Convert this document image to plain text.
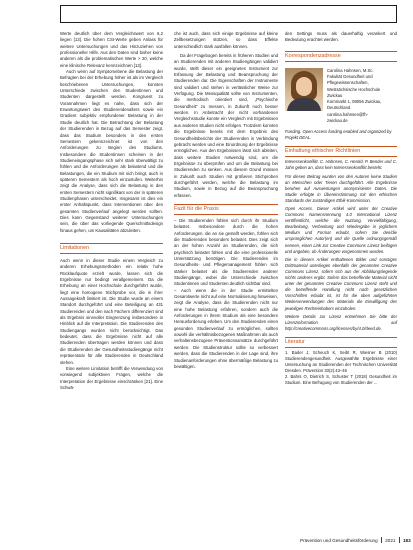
Werte deutlich über dem Vergleichswert von 6,2 liegen [13]. Die hohen CSI-Werte geben Anlass für weitere Untersuchungen und das Hinzuziehen von professioneller Hilfe. Aus den Daten sind bisher keine anderen als die problematischen Werte > 20, welche eine klinische Relevanz kennzeichnen [13].

Auch wenn auf Symptomebene die Belastung der Befragten bei der Erhebung höher ist als im Vergleich beschriebenen Untersuchungen, konnten Unterschiede zwischen den Studentinnen und Studenten dargestellt werden. Kongruent zu Vorannahmen liegt es nahe, dass sich der Erwartungswert des Studierendenalters sowie ein Gradient subjektiv empfundener Belastung in der Studie deutlich hat. Die Betrachtung der Belastung der Studierenden in Bezug auf das Semester zeigt, dass das Studium besonders in den ersten Semestern gekennzeichnet ist von den Anforderungen zu Beginn des Studiums. Insbesondere die Studentinnen scheinen in der Studieneingangsphase sich sehr stark überwältigt zu fühlen und die Anforderungen als belastend und die Belastungen, die ein Studium mit sich bringt, auch in späteren Semestern als hoch einzustufen. Weiterhin zeigt die Analyse, dass sich die Belastung in den ersten Semestern nicht signifikant von der in späteren Studienphasen unterscheidet. Insgesamt ist dies ein erster Anhaltspunkt, dass Interventionen über den gesamten Studienverlauf angelegt werden sollten. Dies kann Gegenstand weiterer Untersuchungen sein, die über das vorliegende Querschnittsdesign hinaus gehen, um Kausalitäten abzuleiten.

Limitationen

Auch wenn in dieser Studie einem Vergleich zu anderen Erhebungsmethoden ein relativ hohe Rücklaufquote erzielt wurde, lassen sich die Ergebnisse nur bedingt verallgemeinern. Da die Erhebung an einer Hochschule durchgeführt wurde, liegt eine homogene Stichprobe vor, die in ihrer Aussagekraft limitiert ist. Die Studie wurde an einem Standort durchgeführt und eine Beteiligung an 431 Studierenden und den nach Fächern differenziert sind als Ergebnis sinnvoller Eingrenzung insbesondere in Hinblick auf die Interpretation. Die Studierenden des Studiengangs wurden nicht berücksichtigt. Das bedeutet, dass die Ergebnisse nicht auf alle Studierenden übertragen werden können und dass die Studierenden der Gesundheitsstudiengänge nicht repräsentativ für alle Studierenden in Deutschland stehen.

Eine weitere Limitation betrifft die Verwendung von vorwiegend subjektiven Fragen, welche die Interpretation der Ergebnisse einschränken [21]. Eine Schwä-

che ist auch, dass sich einige Ergebnisse auf kleine Zellbesetzungen stützen, so dass Effekte unterschiedlich stark ausfallen können.

Da der Fragebogen bereits in früheren Studien und an Studierenden mit anderen Studiengängen validiert wurde, stellt dieser ein geeignetes Instrument zur Erfassung der Belastung und Beanspruchung der Studierenden dar. Die Eigenschaften der Instrumente sind validiert und stehen in verlässlicher Weise zur Verfügung. Die Messqualität sollte von Instrumenten, die methodisch orientiert sind, „Psychische Gesundheit“ zu messen, in Zukunft noch besser werden. In Anbetracht der nicht vorhandenen Vergleichsstudie konnte ein Vergleich mit Ergebnissen aus anderen Studien nicht erfolgen. Trotzdem konnten die Ergebnisse bereits mit dem Ergebnis des Gesundheitsberichts der Studierenden in Verbindung gebracht werden und eine Einordnung der Ergebnisse ermöglichen. Aus den Ergebnissen lässt sich ableiten, dass weitere Studien notwendig sind, um die Ergebnisse zu überprüfen und um die Belastung bei Studierenden zu senken. Aus diesem Grund müssen in Zukunft auch Studien mit größeren Stichproben durchgeführt werden, welche die Belastung im Studium, sowie in Bezug auf die Beanspruchung erfassen.

Fazit für die Praxis

– Die Studierenden fühlen sich durch ihr Studium belastet. Insbesondere durch die hohen Anforderungen, die an sie gestellt werden, fühlen sich die Studierenden besonders belastet. Dies zeigt sich an der hohen Anzahl an Studierenden, die sich psychisch belastet fühlen und die eine professionelle Unterstützung benötigen. Die Studierenden im Gesundheits- und Pflegemanagement fühlen sich stärker belastet als die Studierenden anderer Studiengänge, wobei die Unterschiede zwischen Studentinnen und Studenten deutlich sichtbar sind.
– Auch wenn die in der Studie ermittelten Gesamtwerte nicht auf eine Normalisierung hinweisen, zeigt die Analyse, dass die Studierenden nicht nur eine hohe Belastung erfahren, sondern auch die Anforderungen in ihrem Studium als eine besondere Herausforderung erleben. Um den Studierenden einen gesunden Studienverlauf zu ermöglichen, sollten sowohl die verhältnisbezogenen Maßnahmen als auch verhaltensbezogene Präventionsansätze durchgeführt werden. Die Studienstruktur sollte so verbessert werden, dass die Studierenden in der Lage sind, ihre Studienanforderungen ohne übermäßige Belastung zu bewältigen.

den Settings muss als dauerhaftig verankert und Bedeutung erachtet werden.

Korrespondenzadresse
Carolina Hahnsen, M.Sc.
Fakultät Gesundheit und
Pflegewissenschaften,
Westsächsische Hochschule
Zwickau
Kornmarkt 1, 08056 Zwickau,
Deutschland
carolina.hahnsen@fh-
zwickau.de
Funding. Open Access funding enabled and organized by Projekt DEAL.
Einhaltung ethischer Richtlinien

Interessenkonflikt. C. Hahnsen, C. Herold, P. Bender und C. Jahn geben an, dass kein Interessenkonflikt besteht.

Für diesen Beitrag wurden von den Autoren keine Studien an Menschen oder Tieren durchgeführt. Alle Ergebnisse beruhen auf Auswertungen anonymisierter Daten. Die Studie erfolgte in Übereinstimmung mit den ethischen Standards der zuständigen Ethik-Kommission.

Open Access. Dieser Artikel wird unter der Creative Commons Namensnennung 4.0 International Lizenz veröffentlicht, welche die Nutzung, Vervielfältigung, Bearbeitung, Verbreitung und Wiedergabe in jeglichem Medium und Format erlaubt, sofern Sie den/die ursprünglichen Autor(en) und die Quelle ordnungsgemäß nennen, einen Link zur Creative Commons Lizenz beifügen und angeben, ob Änderungen vorgenommen wurden.

Die in diesem Artikel enthaltenen Bilder und sonstiges Drittmaterial unterliegen ebenfalls der genannten Creative Commons Lizenz, sofern sich aus der Abbildungslegende nichts anderes ergibt. Sofern das betreffende Material nicht unter der genannten Creative Commons Lizenz steht und die betreffende Handlung nicht nach gesetzlichen Vorschriften erlaubt ist, ist für die oben aufgeführten Weiterverwendungen des Materials die Einwilligung des jeweiligen Rechteinhabers einzuholen.

Weitere Details zur Lizenz entnehmen Sie bitte der Lizenzinformation auf http://creativecommons.org/licenses/by/4.0/deed.de.

Literatur

1. Bader J, Scheuch K, Seibt R, Wiesner B (2010) Studierendengesundheit. Ausgewählte Ergebnisse einer Untersuchung an Studierenden der Technischen Universität Dresden. Prävention 33(2):43–46

2. Bahrs O, Dietrich S, Schuster T (2018) Gesundheit im Studium. Eine Befragung von Studierenden der ...

Prävention und Gesundheitsförderung 2021 183
